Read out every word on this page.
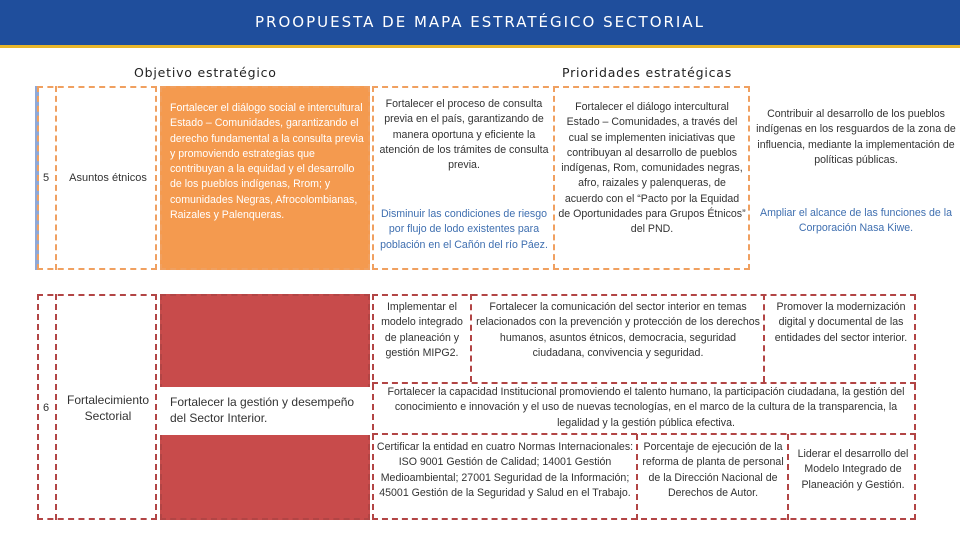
PROOPUESTA DE MAPA ESTRATÉGICO SECTORIAL
Objetivo estratégico	Prioridades estratégicas
5	Asuntos étnicos
Fortalecer el diálogo social e intercultural Estado – Comunidades, garantizando el derecho fundamental a la consulta previa y promoviendo estrategias que contribuyan a la equidad y el desarrollo de los pueblos indígenas, Rrom; y comunidades Negras, Afrocolombianas, Raizales y Palenqueras.
Fortalecer el proceso de consulta previa en el país, garantizando de manera oportuna y eficiente la atención de los trámites de consulta previa.
Disminuir las condiciones de riesgo por flujo de lodo existentes para población en el Cañón del río Páez.
Fortalecer el diálogo intercultural Estado – Comunidades, a través del cual se implementen iniciativas que contribuyan al desarrollo de pueblos indígenas, Rom, comunidades negras, afro, raizales y palenqueras, de acuerdo con el “Pacto por la Equidad de Oportunidades para Grupos Étnicos” del PND.
Contribuir al desarrollo de los pueblos indígenas en los resguardos de la zona de influencia, mediante la implementación de políticas públicas.
Ampliar el alcance de las funciones de la Corporación Nasa Kiwe.
6
Fortalecimiento Sectorial
Fortalecer la gestión y desempeño del Sector Interior.
Implementar el modelo integrado de planeación y gestión MIPG2.
Fortalecer la comunicación del sector interior en temas relacionados con la prevención y protección de los derechos humanos, asuntos étnicos, democracia, seguridad ciudadana, convivencia y seguridad.
Promover la modernización digital y documental de las entidades del sector interior.
Fortalecer la capacidad Institucional promoviendo el talento humano, la participación ciudadana, la gestión del conocimiento e innovación y el uso de nuevas tecnologías, en el marco de la cultura de la transparencia, la legalidad y la gestión pública efectiva.
Certificar la entidad en cuatro Normas Internacionales: ISO 9001 Gestión de Calidad; 14001 Gestión Medioambiental; 27001 Seguridad de la Información; 45001 Gestión de la Seguridad y Salud en el Trabajo.
Porcentaje de ejecución de la reforma de planta de personal de la Dirección Nacional de Derechos de Autor.
Liderar el desarrollo del Modelo Integrado de Planeación y Gestión.
